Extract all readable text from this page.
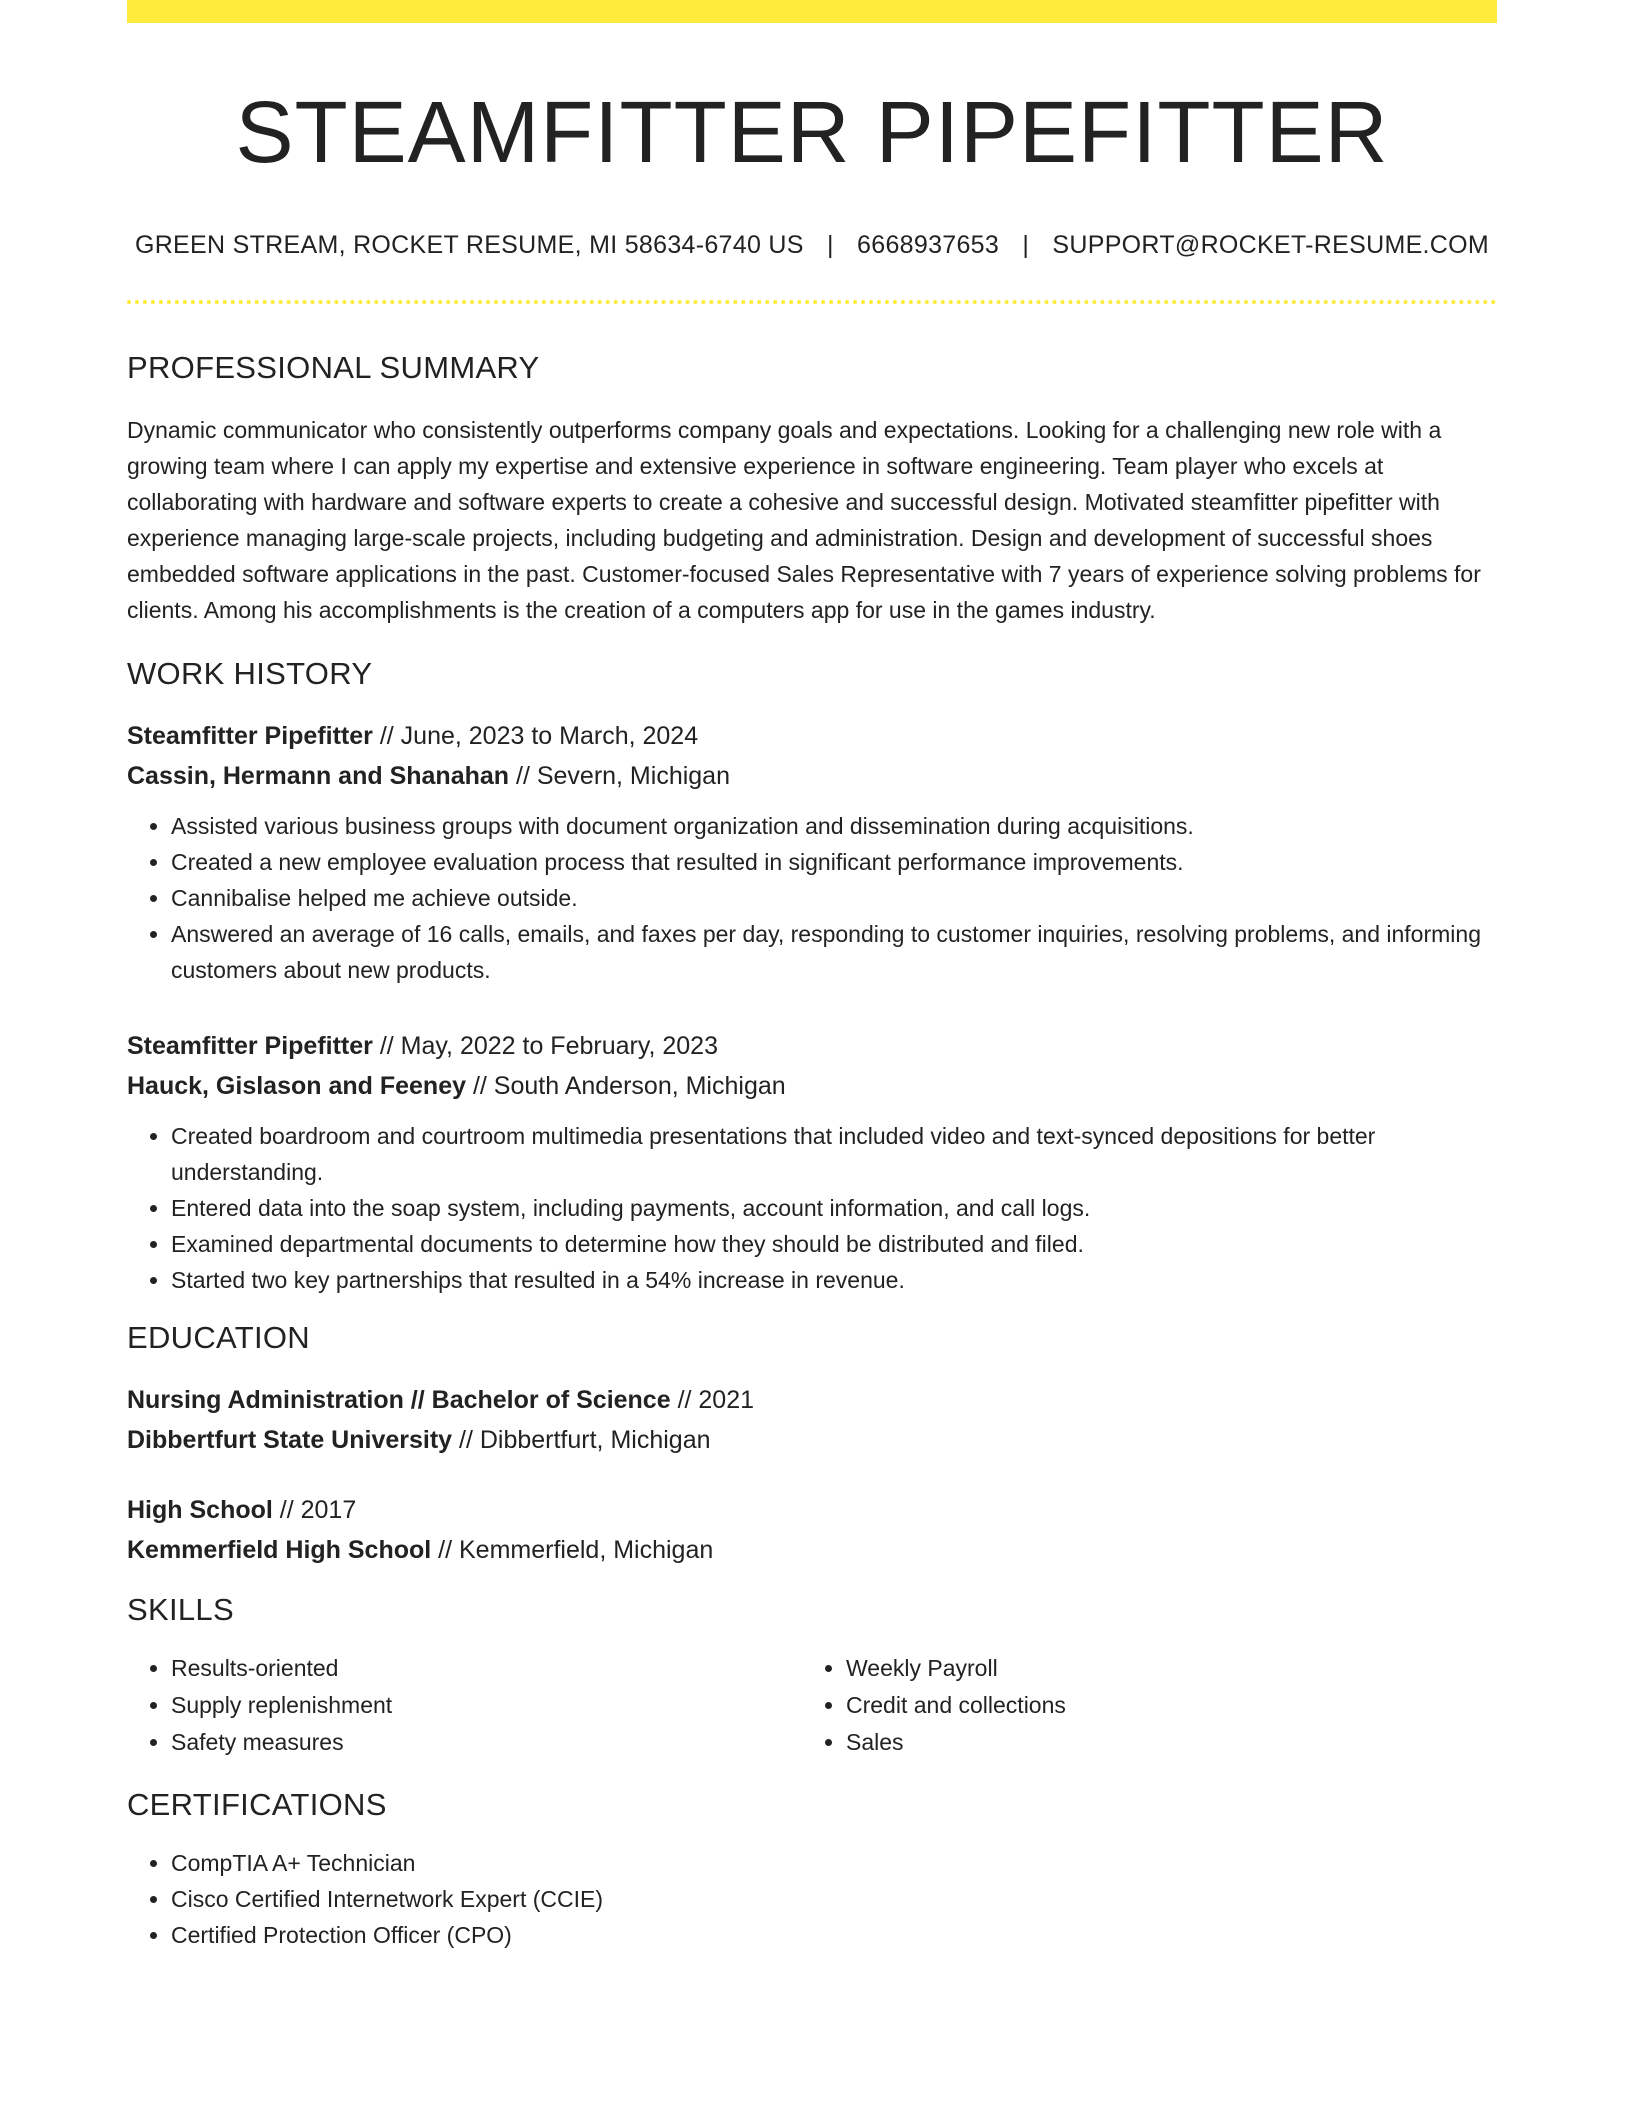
STEAMFITTER PIPEFITTER
GREEN STREAM, ROCKET RESUME, MI 58634-6740 US | 6668937653 | SUPPORT@ROCKET-RESUME.COM
PROFESSIONAL SUMMARY
Dynamic communicator who consistently outperforms company goals and expectations. Looking for a challenging new role with a growing team where I can apply my expertise and extensive experience in software engineering. Team player who excels at collaborating with hardware and software experts to create a cohesive and successful design. Motivated steamfitter pipefitter with experience managing large-scale projects, including budgeting and administration. Design and development of successful shoes embedded software applications in the past. Customer-focused Sales Representative with 7 years of experience solving problems for clients. Among his accomplishments is the creation of a computers app for use in the games industry.
WORK HISTORY
Steamfitter Pipefitter // June, 2023 to March, 2024
Cassin, Hermann and Shanahan // Severn, Michigan
• Assisted various business groups with document organization and dissemination during acquisitions.
• Created a new employee evaluation process that resulted in significant performance improvements.
• Cannibalise helped me achieve outside.
• Answered an average of 16 calls, emails, and faxes per day, responding to customer inquiries, resolving problems, and informing customers about new products.
Steamfitter Pipefitter // May, 2022 to February, 2023
Hauck, Gislason and Feeney // South Anderson, Michigan
• Created boardroom and courtroom multimedia presentations that included video and text-synced depositions for better understanding.
• Entered data into the soap system, including payments, account information, and call logs.
• Examined departmental documents to determine how they should be distributed and filed.
• Started two key partnerships that resulted in a 54% increase in revenue.
EDUCATION
Nursing Administration // Bachelor of Science // 2021
Dibbertfurt State University // Dibbertfurt, Michigan
High School // 2017
Kemmerfield High School // Kemmerfield, Michigan
SKILLS
• Results-oriented
• Supply replenishment
• Safety measures
• Weekly Payroll
• Credit and collections
• Sales
CERTIFICATIONS
• CompTIA A+ Technician
• Cisco Certified Internetwork Expert (CCIE)
• Certified Protection Officer (CPO)
